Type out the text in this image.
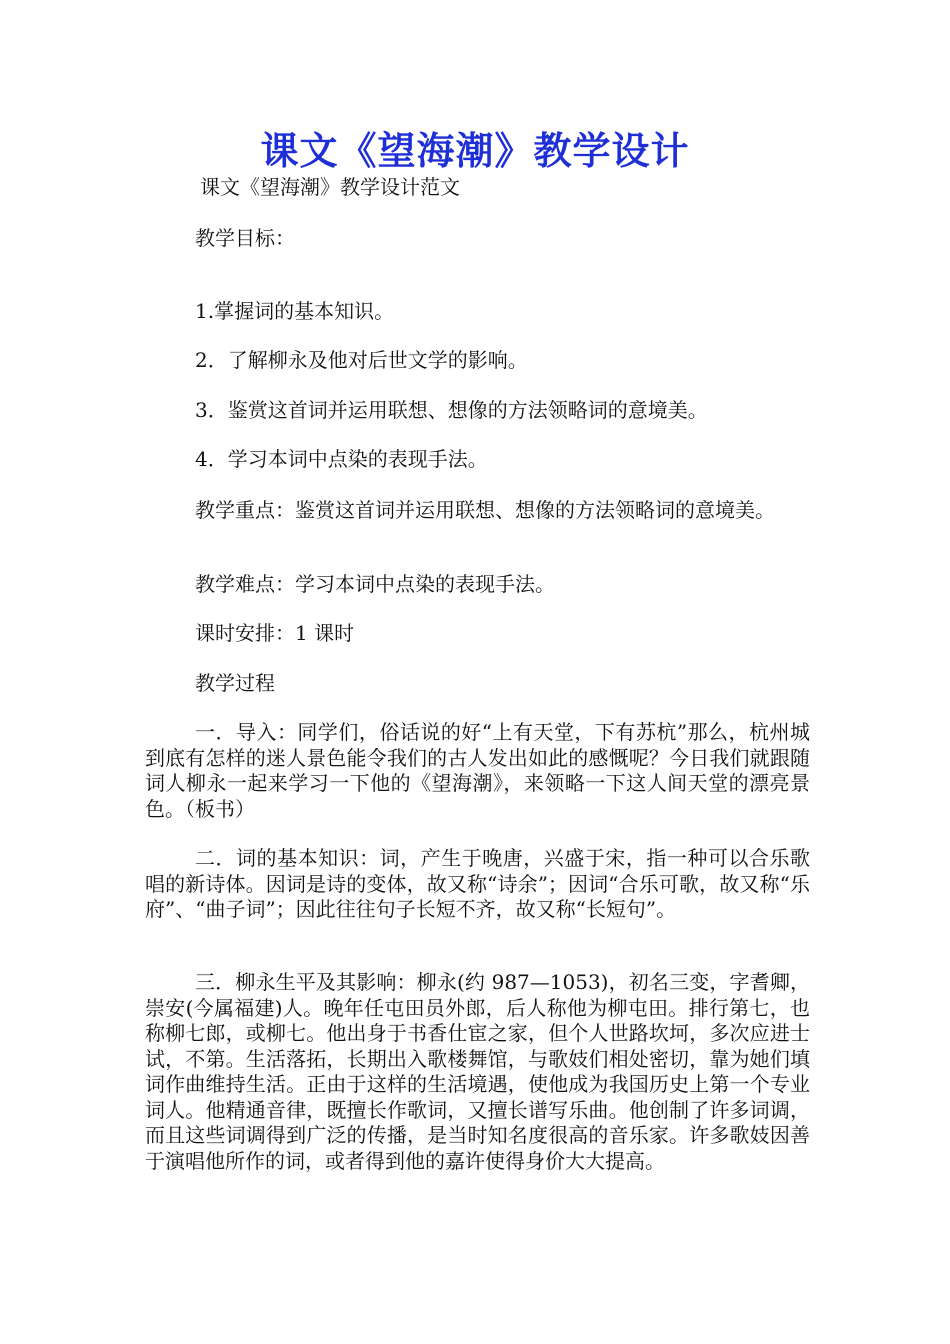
课文《望海潮》教学设计
课文《望海潮》教学设计范文
教学目标：
1.掌握词的基本知识。
2．了解柳永及他对后世文学的影响。
3．鉴赏这首词并运用联想、想像的方法领略词的意境美。
4．学习本词中点染的表现手法。
教学重点：鉴赏这首词并运用联想、想像的方法领略词的意境美。
教学难点：学习本词中点染的表现手法。
课时安排：1 课时
教学过程
一．导入：同学们，俗话说的好“上有天堂，下有苏杭”那么，杭州城到底有怎样的迷人景色能令我们的古人发出如此的感慨呢？今日我们就跟随词人柳永一起来学习一下他的《望海潮》，来领略一下这人间天堂的漂亮景色。（板书）
二．词的基本知识：词，产生于晚唐，兴盛于宋，指一种可以合乐歌唱的新诗体。因词是诗的变体，故又称“诗余”；因词“合乐可歌，故又称“乐府”、“曲子词”；因此往往句子长短不齐，故又称“长短句”。
三．柳永生平及其影响：柳永(约 987—1053)，初名三变，字耆卿，崇安(今属福建)人。晚年任屯田员外郎，后人称他为柳屯田。排行第七，也称柳七郎，或柳七。他出身于书香仕宦之家，但个人世路坎坷，多次应进士试，不第。生活落拓，长期出入歌楼舞馆，与歌妓们相处密切，靠为她们填词作曲维持生活。正由于这样的生活境遇，使他成为我国历史上第一个专业词人。他精通音律，既擅长作歌词，又擅长谱写乐曲。他创制了许多词调，而且这些词调得到广泛的传播，是当时知名度很高的音乐家。许多歌妓因善于演唱他所作的词，或者得到他的嘉许使得身价大大提高。
